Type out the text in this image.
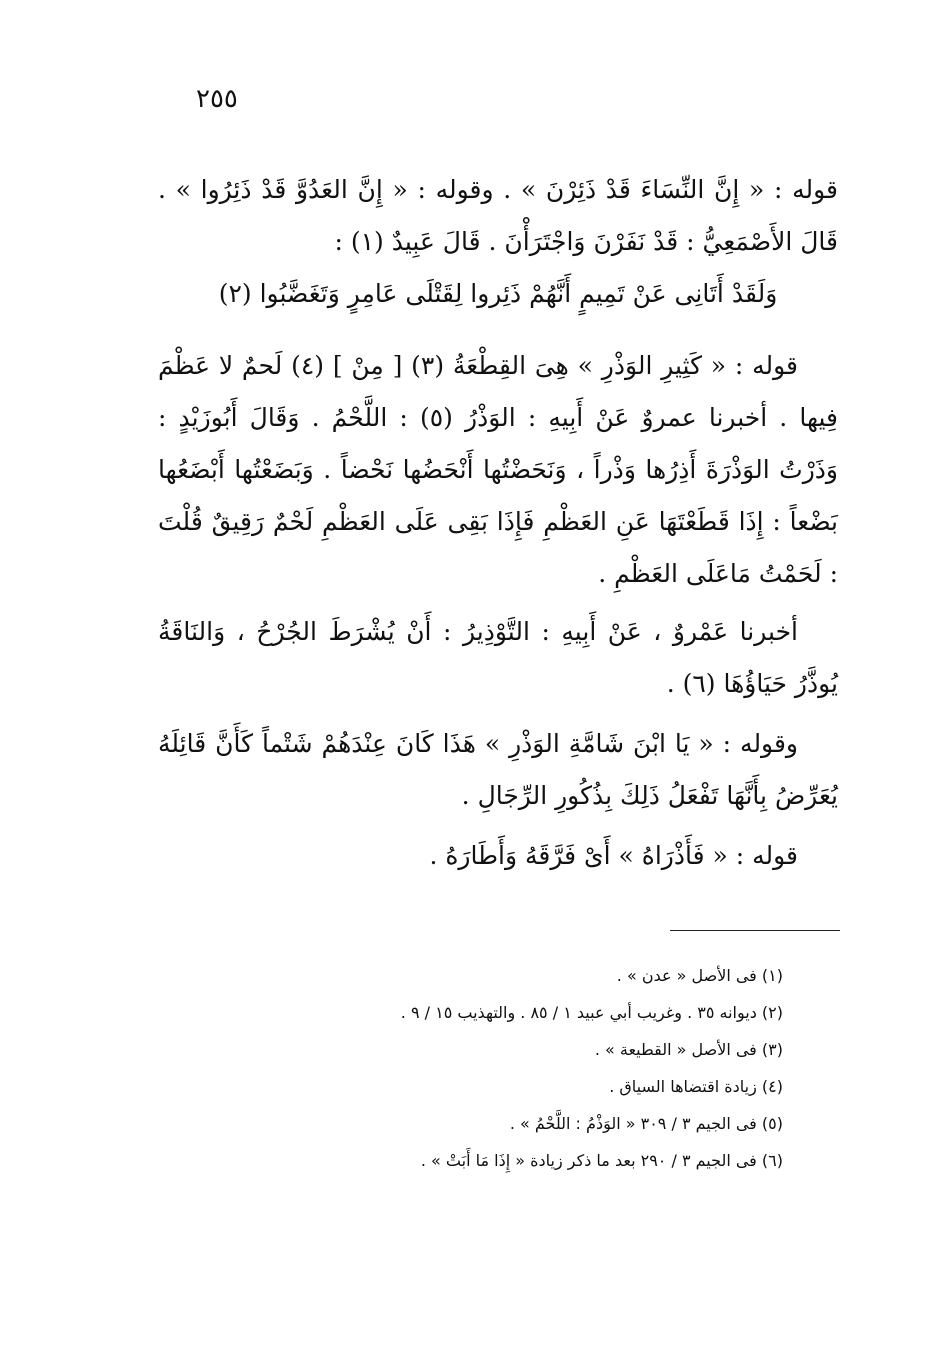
٢٥٥

قوله : « إِنَّ النِّسَاءَ قَدْ ذَئِرْنَ » . وقوله : « إِنَّ العَدُوَّ قَدْ ذَئِرُوا » . قَالَ الأَصْمَعِيُّ : قَدْ نَفَرْنَ وَاجْتَرَأْنَ . قَالَ عَبِيدٌ (١) :

وَلَقَدْ أَتَانِى عَنْ تَمِيمٍ أَنَّهُمْ ذَئِروا لِقَتْلَى عَامِرٍ وَتَغَضَّبُوا (٢)

قوله : « كَثِيرِ الوَذْرِ » هِىَ القِطْعَةُ (٣) [ مِنْ ] (٤) لَحمٌ لا عَظْمَ فِيها . أخبرنا عمروٌ عَنْ أَبِيهِ : الوَذْرُ (٥) : اللَّحْمُ . وَقَالَ أَبُوزَيْدٍ : وَذَرْتُ الوَذْرَةَ أَذِرُها وَذْراً ، وَنَحَضْتُها أَنْحَضُها نَحْضاً . وَبَضَعْتُها أَبْضَعُها بَضْعاً : إِذَا قَطَعْتَهَا عَنِ العَظْمِ فَإِذَا بَقِى عَلَى العَظْمِ لَحْمٌ رَقِيقٌ قُلْتَ : لَحَمْتُ مَاعَلَى العَظْمِ .

أخبرنا عَمْروٌ ، عَنْ أَبِيهِ : التَّوْذِيرُ : أَنْ يُشْرَطَ الجُرْحُ ، وَالنَاقَةُ يُوذَّرُ حَيَاؤُهَا (٦) .

وقوله : « يَا ابْنَ شَامَّةِ الوَذْرِ » هَذَا كَانَ عِنْدَهُمْ شَتْماً كَأَنَّ قَائِلَهُ يُعَرِّضُ بِأَنَّهَا تَفْعَلُ ذَلِكَ بِذُكُورِ الرِّجَالِ .

قوله : « فَأَذْرَاهُ » أَىْ فَرَّقَهُ وَأَطَارَهُ .

(١) فى الأصل « عدن » .

(٢) ديوانه ٣٥ . وغريب أبي عبيد ١ / ٨٥ . والتهذيب ١٥ / ٩ .

(٣) فى الأصل « القطيعة » .

(٤) زيادة اقتضاها السياق .

(٥) فى الجيم ٣ / ٣٠٩ « الوَذْمُ : اللَّحْمُ » .

(٦) فى الجيم ٣ / ٢٩٠ بعد ما ذكر زيادة « إِذَا مَا أَبَتْ » .
